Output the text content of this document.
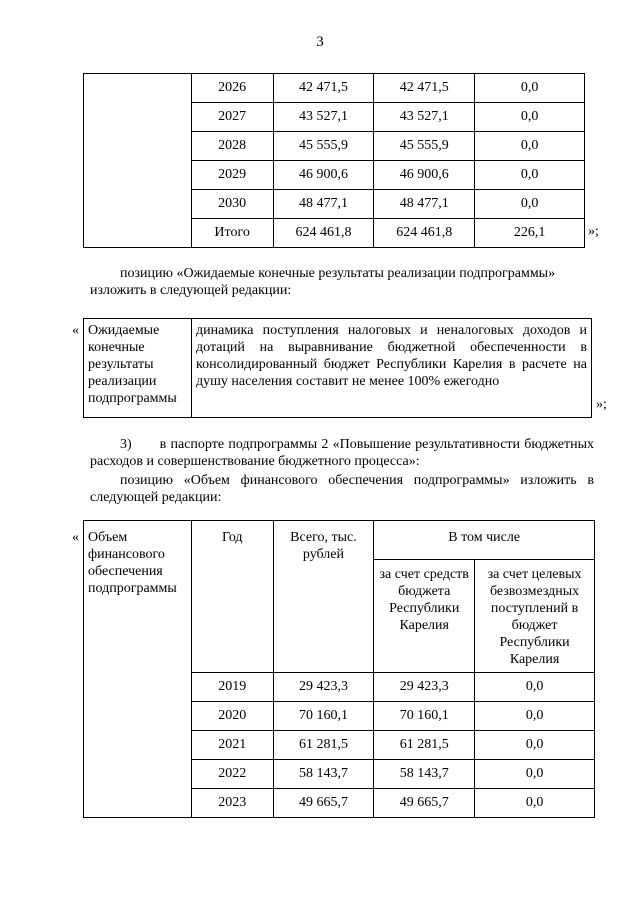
3
	2026	42 471,5	42 471,5	0,0
	2027	43 527,1	43 527,1	0,0
	2028	45 555,9	45 555,9	0,0
	2029	46 900,6	46 900,6	0,0
	2030	48 477,1	48 477,1	0,0
	Итого	624 461,8	624 461,8	226,1	»;
позицию «Ожидаемые конечные результаты реализации подпрограммы»
изложить в следующей редакции:
« Ожидаемые конечные результаты реализации подпрограммы	динамика поступления налоговых и неналоговых доходов и дотаций на выравнивание бюджетной обеспеченности в консолидированный бюджет Республики Карелия в расчете на душу населения составит не менее 100% ежегодно
»;
3)  в паспорте подпрограммы 2 «Повышение результативности бюджетных расходов и совершенствование бюджетного процесса»:
позицию «Объем финансового обеспечения подпрограммы» изложить в следующей редакции:
« Объем финансового обеспечения подпрограммы	Год	Всего, тыс. рублей	В том числе	
			за счет средств бюджета Республики Карелия	за счет целевых безвозмездных поступлений в бюджет Республики Карелия
	2019	29 423,3	29 423,3	0,0
	2020	70 160,1	70 160,1	0,0
	2021	61 281,5	61 281,5	0,0
	2022	58 143,7	58 143,7	0,0
	2023	49 665,7	49 665,7	0,0
